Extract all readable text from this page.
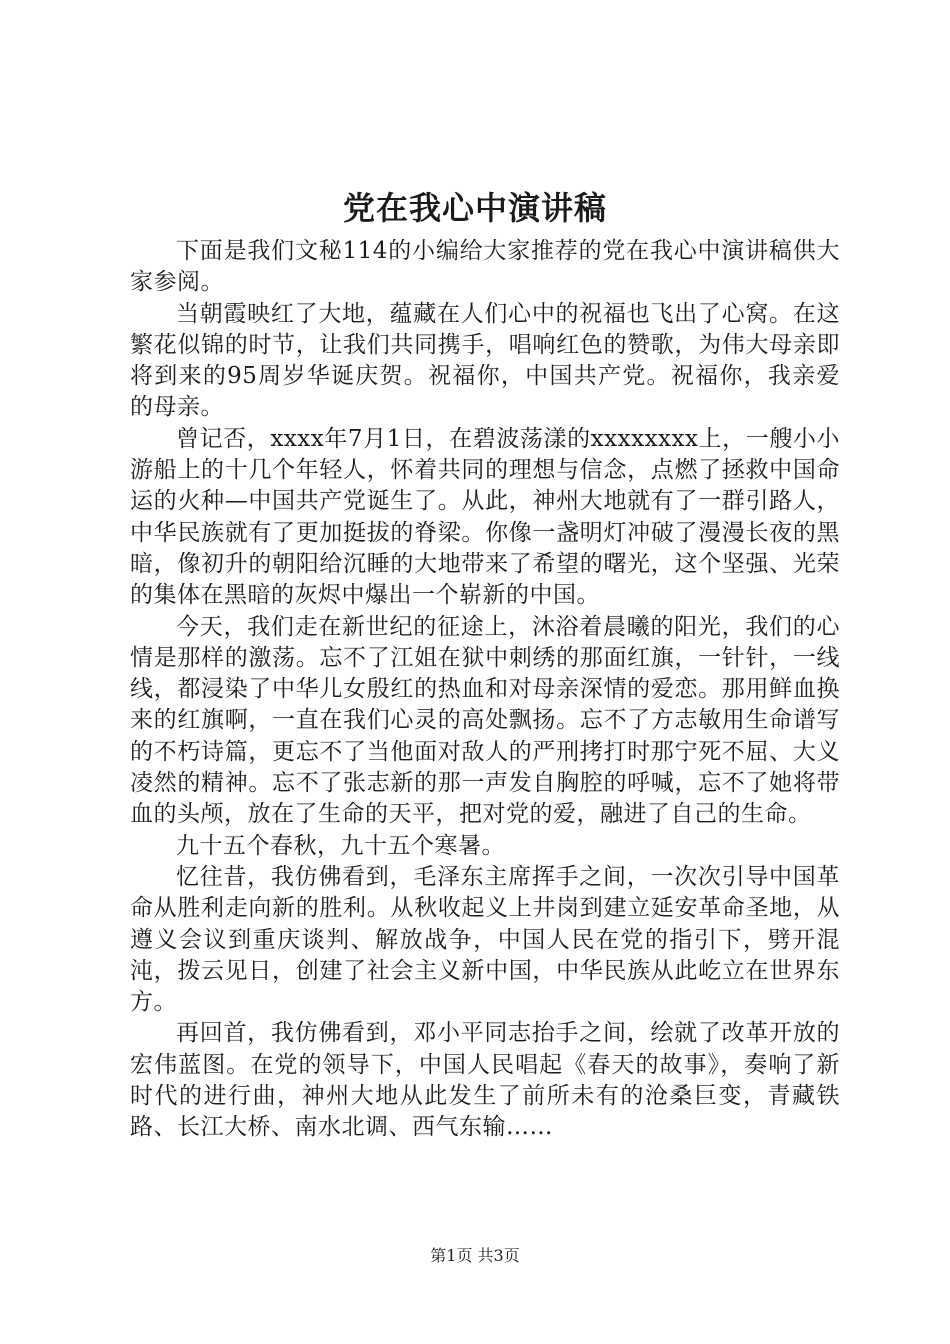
党在我心中演讲稿

下面是我们文秘114的小编给大家推荐的党在我心中演讲稿供大家参阅。

当朝霞映红了大地，蕴藏在人们心中的祝福也飞出了心窝。在这繁花似锦的时节，让我们共同携手，唱响红色的赞歌，为伟大母亲即将到来的95周岁华诞庆贺。祝福你，中国共产党。祝福你，我亲爱的母亲。

曾记否，xxxx年7月1日，在碧波荡漾的xxxxxxxx上，一艘小小游船上的十几个年轻人，怀着共同的理想与信念，点燃了拯救中国命运的火种—中国共产党诞生了。从此，神州大地就有了一群引路人，中华民族就有了更加挺拔的脊梁。你像一盏明灯冲破了漫漫长夜的黑暗，像初升的朝阳给沉睡的大地带来了希望的曙光，这个坚强、光荣的集体在黑暗的灰烬中爆出一个崭新的中国。

今天，我们走在新世纪的征途上，沐浴着晨曦的阳光，我们的心情是那样的激荡。忘不了江姐在狱中刺绣的那面红旗，一针针，一线线，都浸染了中华儿女殷红的热血和对母亲深情的爱恋。那用鲜血换来的红旗啊，一直在我们心灵的高处飘扬。忘不了方志敏用生命谱写的不朽诗篇，更忘不了当他面对敌人的严刑拷打时那宁死不屈、大义凌然的精神。忘不了张志新的那一声发自胸腔的呼喊，忘不了她将带血的头颅，放在了生命的天平，把对党的爱，融进了自己的生命。

九十五个春秋，九十五个寒暑。

忆往昔，我仿佛看到，毛泽东主席挥手之间，一次次引导中国革命从胜利走向新的胜利。从秋收起义上井岗到建立延安革命圣地，从遵义会议到重庆谈判、解放战争，中国人民在党的指引下，劈开混沌，拨云见日，创建了社会主义新中国，中华民族从此屹立在世界东方。

再回首，我仿佛看到，邓小平同志抬手之间，绘就了改革开放的宏伟蓝图。在党的领导下，中国人民唱起《春天的故事》，奏响了新时代的进行曲，神州大地从此发生了前所未有的沧桑巨变，青藏铁路、长江大桥、南水北调、西气东输……

第1页 共3页
